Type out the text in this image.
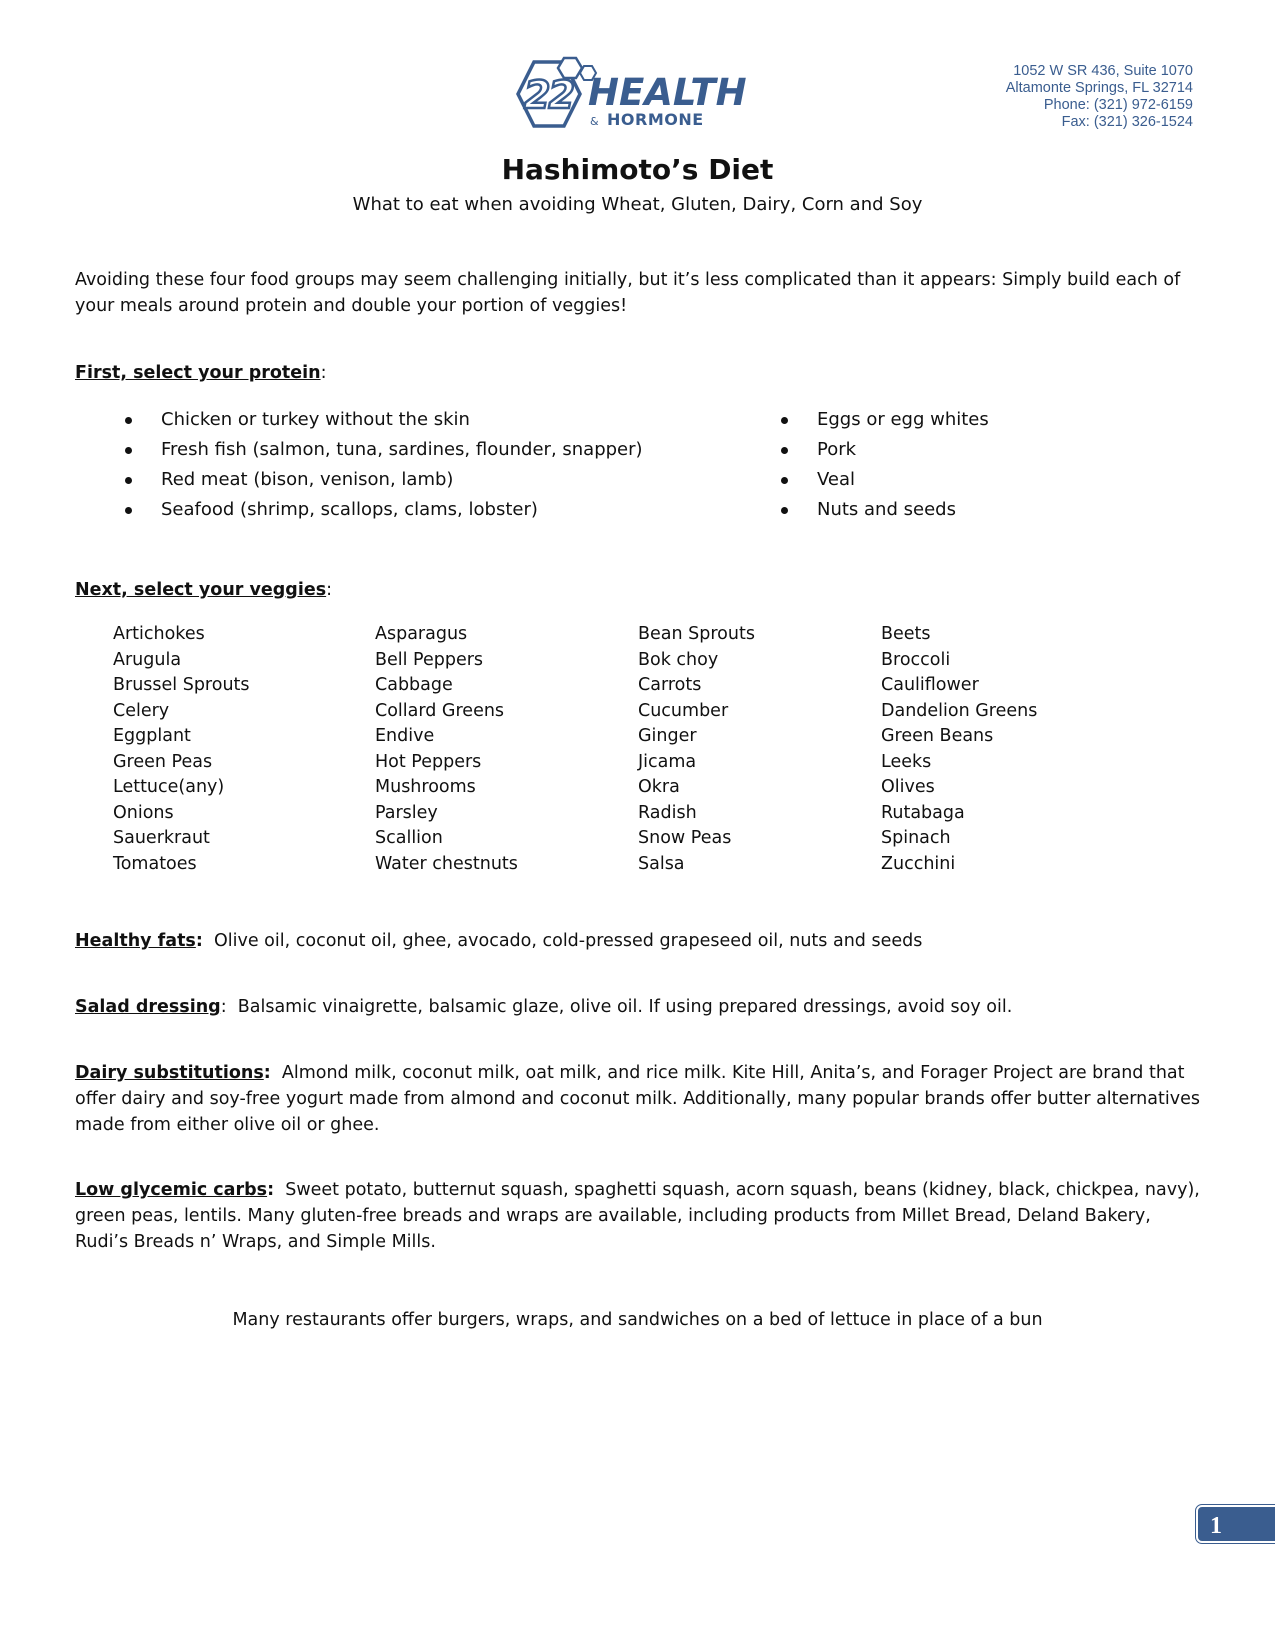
22 HEALTH
& HORMONE
1052 W SR 436, Suite 1070
Altamonte Springs, FL 32714
Phone: (321) 972-6159
Fax: (321) 326-1524
Hashimoto’s Diet
What to eat when avoiding Wheat, Gluten, Dairy, Corn and Soy
Avoiding these four food groups may seem challenging initially, but it’s less complicated than it appears: Simply build each of your meals around protein and double your portion of veggies!
First, select your protein:
Chicken or turkey without the skin
Fresh fish (salmon, tuna, sardines, flounder, snapper)
Red meat (bison, venison, lamb)
Seafood (shrimp, scallops, clams, lobster)
Eggs or egg whites
Pork
Veal
Nuts and seeds
Next, select your veggies:
Artichokes
Arugula
Brussel Sprouts
Celery
Eggplant
Green Peas
Lettuce(any)
Onions
Sauerkraut
Tomatoes
Asparagus
Bell Peppers
Cabbage
Collard Greens
Endive
Hot Peppers
Mushrooms
Parsley
Scallion
Water chestnuts
Bean Sprouts
Bok choy
Carrots
Cucumber
Ginger
Jicama
Okra
Radish
Snow Peas
Salsa
Beets
Broccoli
Cauliflower
Dandelion Greens
Green Beans
Leeks
Olives
Rutabaga
Spinach
Zucchini
Healthy fats: Olive oil, coconut oil, ghee, avocado, cold-pressed grapeseed oil, nuts and seeds
Salad dressing: Balsamic vinaigrette, balsamic glaze, olive oil. If using prepared dressings, avoid soy oil.
Dairy substitutions: Almond milk, coconut milk, oat milk, and rice milk. Kite Hill, Anita’s, and Forager Project are brand that offer dairy and soy-free yogurt made from almond and coconut milk. Additionally, many popular brands offer butter alternatives made from either olive oil or ghee.
Low glycemic carbs: Sweet potato, butternut squash, spaghetti squash, acorn squash, beans (kidney, black, chickpea, navy), green peas, lentils. Many gluten-free breads and wraps are available, including products from Millet Bread, Deland Bakery, Rudi’s Breads n’ Wraps, and Simple Mills.
Many restaurants offer burgers, wraps, and sandwiches on a bed of lettuce in place of a bun
1
